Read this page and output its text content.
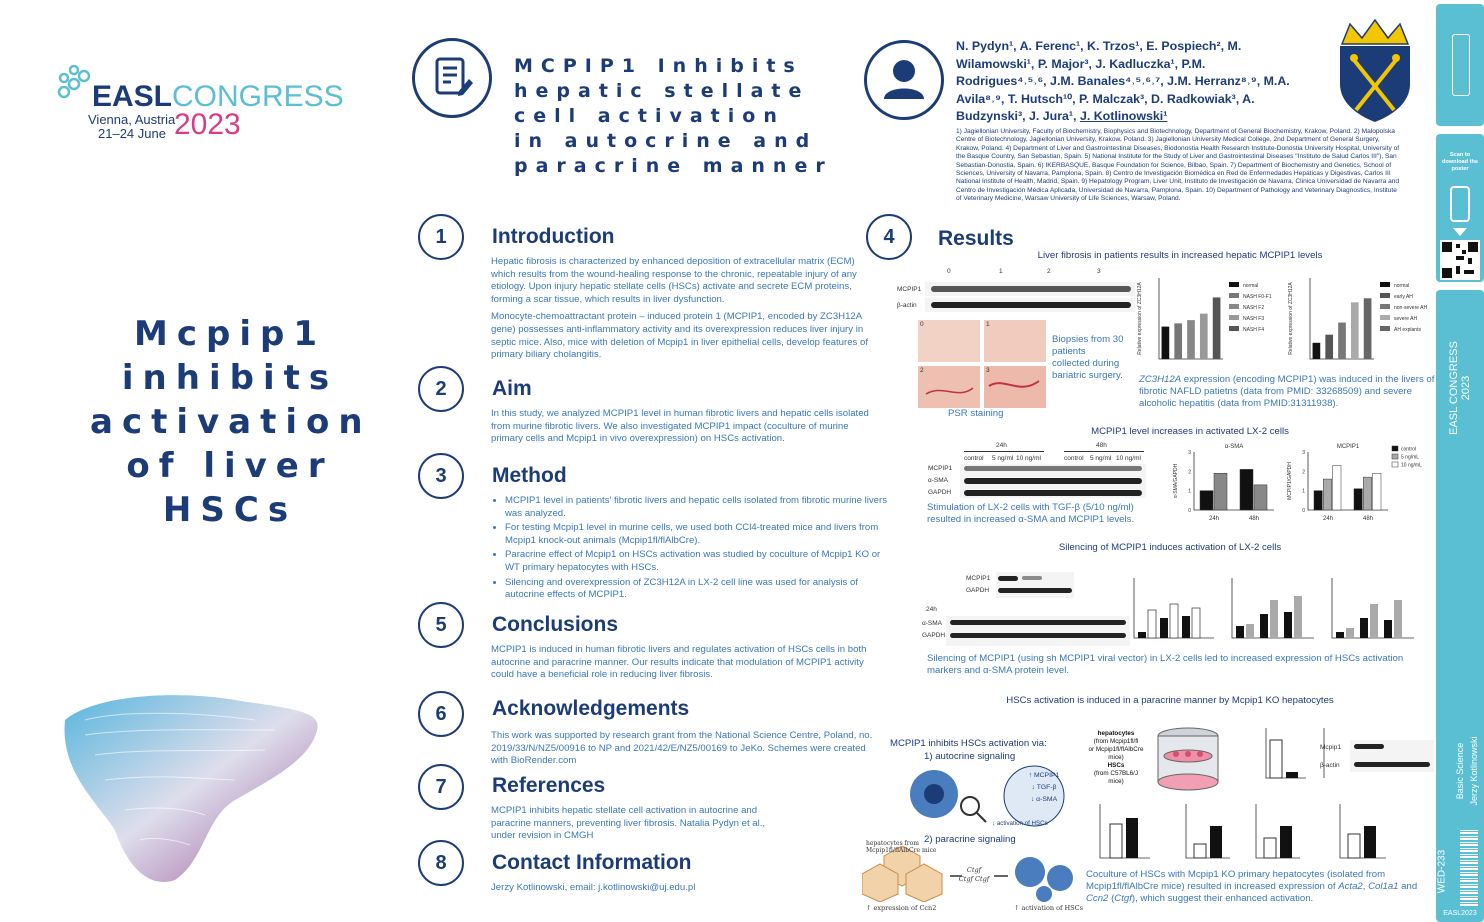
EASL CONGRESS
Vienna, Austria
21–24 June 2023
Mcpip1
inhibits
activation
of liver
HSCs
MCPIP1 Inhibits
hepatic stellate
cell activation
in autocrine and
paracrine manner
N. Pydyn¹, A. Ferenc¹, K. Trzos¹, E. Pospiech², M.
Wilamowski¹, P. Major³, J. Kadluczka¹, P.M.
Rodrigues⁴˒⁵˒⁶, J.M. Banales⁴˒⁵˒⁶˒⁷, J.M. Herranz⁸˒⁹, M.A.
Avila⁸˒⁹, T. Hutsch¹⁰, P. Malczak³, D. Radkowiak³, A.
Budzynski³, J. Jura¹, J. Kotlinowski¹
1) Jagiellonian University, Faculty of Biochemistry, Biophysics and Biotechnology, Department of General Biochemistry, Krakow, Poland. 2) Malopolska Centre of Biotechnology, Jagiellonian University, Krakow, Poland. 3) Jagiellonian University Medical College, 2nd Department of General Surgery, Krakow, Poland. 4) Department of Liver and Gastrointestinal Diseases, Biodonostia Health Research Institute-Donostia University Hospital, University of the Basque Country, San Sebastian, Spain. 5) National Institute for the Study of Liver and Gastrointestinal Diseases "Instituto de Salud Carlos III"), San Sebastian-Donostia, Spain. 6) IKERBASQUE, Basque Foundation for Science, Bilbao, Spain. 7) Department of Biochemistry and Genetics, School of Sciences, University of Navarra, Pamplona, Spain. 8) Centro de Investigación Biomédica en Red de Enfermedades Hepáticas y Digestivas, Carlos III National Institute of Health, Madrid, Spain. 9) Hepatology Program, Liver Unit, Instituto de Investigación de Navarra, Clinica Universidad de Navarra and Centro de Investigación Médica Aplicada, Universidad de Navarra, Pamplona, Spain. 10) Department of Pathology and Veterinary Diagnostics, Institute of Veterinary Medicine, Warsaw University of Life Sciences, Warsaw, Poland.
1	Introduction
Hepatic fibrosis is characterized by enhanced deposition of extracellular matrix (ECM) which results from the wound-healing response to the chronic, repeatable injury of any etiology. Upon injury hepatic stellate cells (HSCs) activate and secrete ECM proteins, forming a scar tissue, which results in liver dysfunction.
Monocyte-chemoattractant protein – induced protein 1 (MCPIP1, encoded by ZC3H12A gene) possesses anti-inflammatory activity and its overexpression reduces liver injury in septic mice. Also, mice with deletion of Mcpip1 in liver epithelial cells, develop features of primary biliary cholangitis.
2	Aim
In this study, we analyzed MCPIP1 level in human fibrotic livers and hepatic cells isolated from murine fibrotic livers. We also investigated MCPIP1 impact (coculture of murine primary cells and Mcpip1 in vivo overexpression) on HSCs activation.
3	Method
• MCPIP1 level in patients' fibrotic livers and hepatic cells isolated from fibrotic murine livers was analyzed.
• For testing Mcpip1 level in murine cells, we used both CCl4-treated mice and livers from Mcpip1 knock-out animals (Mcpip1fl/flAlbCre).
• Paracrine effect of Mcpip1 on HSCs activation was studied by coculture of Mcpip1 KO or WT primary hepatocytes with HSCs.
• Silencing and overexpression of ZC3H12A in LX-2 cell line was used for analysis of autocrine effects of MCPIP1.
5	Conclusions
MCPIP1 is induced in human fibrotic livers and regulates activation of HSCs cells in both autocrine and paracrine manner. Our results indicate that modulation of MCPIP1 activity could have a beneficial role in reducing liver fibrosis.
6	Acknowledgements
This work was supported by research grant from the National Science Centre, Poland, no. 2019/33/N/NZ5/00916 to NP and 2021/42/E/NZ5/00169 to JeKo. Schemes were created with BioRender.com
7	References
MCPIP1 inhibits hepatic stellate cell activation in autocrine and paracrine manners, preventing liver fibrosis. Natalia Pydyn et al., under revision in CMGH
8	Contact Information
Jerzy Kotlinowski, email: j.kotlinowski@uj.edu.pl
4	Results
Liver fibrosis in patients results in increased hepatic MCPIP1 levels
0	1	2	3
MCPIP1
β-actin
0	1
2	3
PSR staining
Biopsies from 30 patients collected during bariatric surgery.
normal
NASH F0-F1
NASH F2
NASH F3
NASH F4
Relative expression of ZC3H12A	normal
early AH
non-severe AH
severe AH
AH explants
Relative expression of ZC3H12A
ZC3H12A expression (encoding MCPIP1) was induced in the livers of fibrotic NAFLD patietns (data from PMID: 33268509) and severe alcoholic hepatitis (data from PMID:31311938).
MCPIP1 level increases in activated LX-2 cells
24h	48h
control 5 ng/ml 10 ng/ml	control 5 ng/ml 10 ng/ml
MCPIP1
α-SMA
GAPDH
Stimulation of LX-2 cells with TGF-β (5/10 ng/ml) resulted in increased α-SMA and MCPIP1 levels.	24h	48h
0
1
2
3
α-SMA
α-SMA/GAPDH
24h	48h
0
1
2
3
MCPIP1
MCPIP1/GAPDH
control
5 ng/mL
10 ng/mL
Silencing of MCPIP1 induces activation of LX-2 cells
MCPIP1
GAPDH
24h
α-SMA
GAPDH
Silencing of MCPIP1 (using sh MCPIP1 viral vector) in LX-2 cells led to increased expression of HSCs activation markers and α-SMA protein level.
HSCs activation is induced in a paracrine manner by Mcpip1 KO hepatocytes
MCPIP1 inhibits HSCs activation via:
1) autocrine signaling
↑ MCPIP1
↓ TGF-β
↓ α-SMA
↓ activation of HSCs
2) paracrine signaling
hepatocytes from Mcpip1fl/flAlbCre mice
Ctgf
Ctgf Ctgf
↑ expression of Ccn2	↑ activation of HSCs
hepatocytes
(from Mcpip1fl/fl
or Mcpip1fl/flAlbCre
mice)
HSCs
(from C57BL6/J
mice)
Mcpip1
β-actin
Coculture of HSCs with Mcpip1 KO primary hepatocytes (isolated from Mcpip1fl/flAlbCre mice) resulted in increased expression of Acta2, Col1a1 and Ccn2 (Ctgf), which suggest their enhanced activation.
Scan to download the poster
EASL CONGRESS 2023
Basic Science Jerzy Kotlinowski
WED-233
EASL2023
